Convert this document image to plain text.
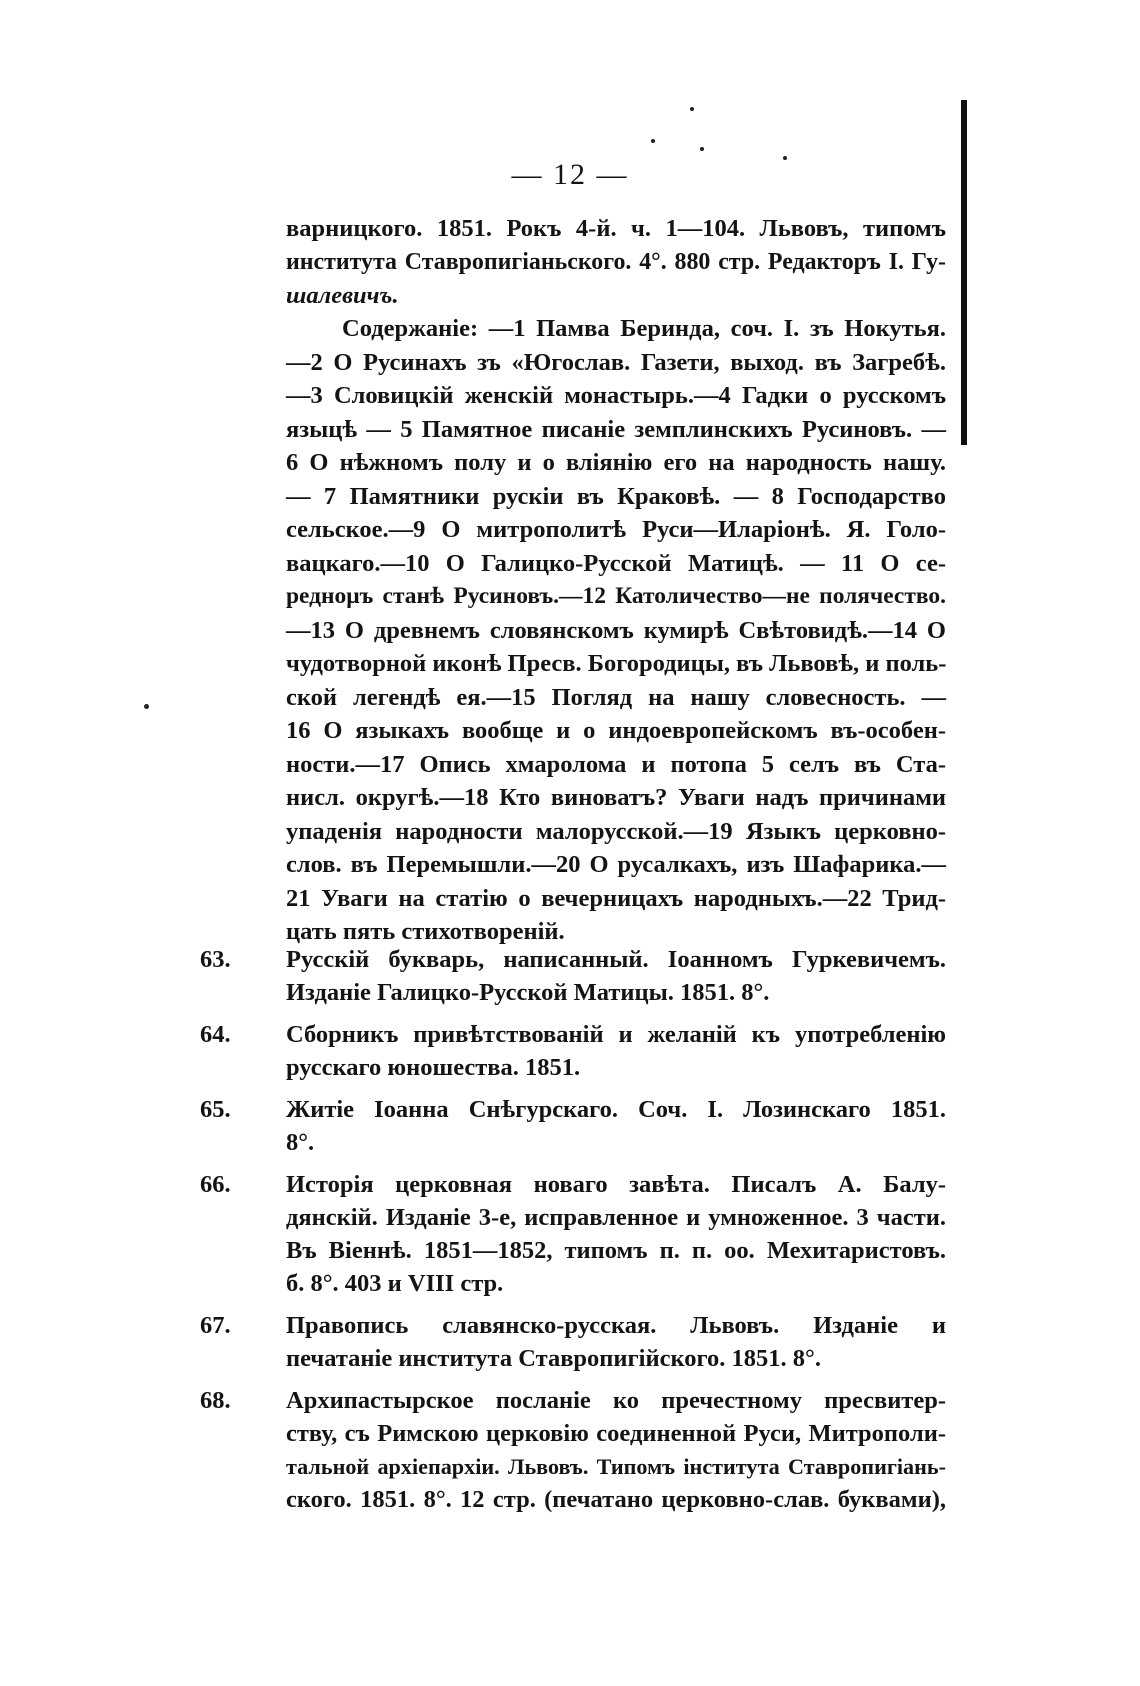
— 12 —
варницкого. 1851. Рокъ 4-й. ч. 1—104. Львовъ, типомъ
института Ставропигiаньского. 4°. 880 стр. Редакторъ І. Гу-
шалевичъ.
Содержанiе: —1 Памва Беринда, соч. І. зъ Нокутья.
—2 О Русинахъ зъ «Югослав. Газети, выход. въ Загребѣ.
—3 Словицкiй женскiй монастырь.—4 Гадки о русскомъ
языцѣ — 5 Памятное писанiе земплинскихъ Русиновъ. —
6 О нѣжномъ полу и о влiянiю его на народность нашу.
— 7 Памятники рускiи въ Краковѣ. — 8 Господарство
сельское.—9 О митрополитѣ Руси—Иларiонѣ. Я. Голо-
вацкаго.—10 О Галицко-Русской Матицѣ. — 11 О се-
реднομъ станѣ Русиновъ.—12 Католичество—не полячество.
—13 О древнемъ словянскомъ кумирѣ Свѣтовидѣ.—14 О
чудотворной иконѣ Пресв. Богородицы, въ Львовѣ, и поль-
ской легендѣ ея.—15 Погляд на нашу словесность. —
16 О языкахъ вообще и о индоевропейскомъ въ-особен-
ности.—17 Опись хмаролома и потопа 5 селъ въ Ста-
нисл. округѣ.—18 Кто виноватъ? Уваги надъ причинами
упаденiя народности малорусской.—19 Языкъ церковно-
слов. въ Перемышли.—20 О русалкахъ, изъ Шафарика.—
21 Уваги на статiю о вечерницахъ народныхъ.—22 Трид-
цать пять стихотворенiй.
63. Русскiй букварь, написанный. Iоанномъ Гуркевичемъ.
Изданiе Галицко-Русской Матицы. 1851. 8°.
64. Сборникъ привѣтствованiй и желанiй къ употребленiю
русскаго юношества. 1851.
65. Житiе Iоанна Снѣгурскаго. Соч. І. Лозинскаго 1851.
8°.
66. Исторiя церковная новаго завѣта. Писалъ А. Балу-
дянскiй. Изданiе 3-е, исправленное и умноженное. 3 части.
Въ Вiеннѣ. 1851—1852, типомъ п. п. оо. Мехитаристовъ.
б. 8°. 403 и VIII стр.
67. Правопись славянско-русская. Львовъ. Изданiе и
печатанiе института Ставропигiйского. 1851. 8°.
68. Архипастырское посланiе ко пречестному пресвитер-
ству, съ Римскою церковiю соединенной Руси, Митрополи-
тальной архiепархiи. Львовъ. Типомъ iнститута Ставропигiань-
ского. 1851. 8°. 12 стр. (печатано церковно-слав. буквами),
